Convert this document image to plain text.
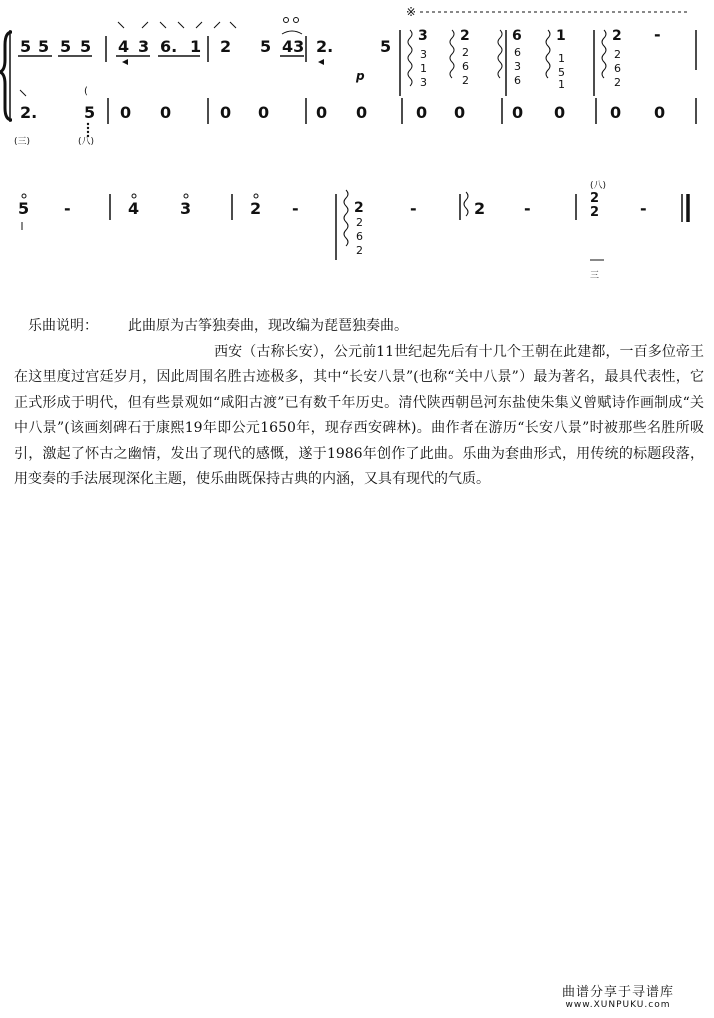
※
5 5 5 5 4 3 6. 1 2 5 43 2.	5
p
3
3
1
3
2
2
6
2
6
6
3
6
1
1
5
1
2
2
6
2
-
2.	5
(
(三)	(八)
0 0	0 0	0 0	0 0	0 0	0 0
5 -	4	3	2 -	2
2
6
2
-	2 -
(八)
2
2
三
-

乐曲说明： 此曲原为古筝独奏曲，现改编为琵琶独奏曲。

西安（古称长安），公元前11世纪起先后有十几个王朝在此建都，一百多位帝王在这里度过宫廷岁月，因此周围名胜古迹极多，其中“长安八景”(也称“关中八景”）最为著名，最具代表性，它正式形成于明代，但有些景观如“咸阳古渡”已有数千年历史。清代陕西朝邑河东盐使朱集义曾赋诗作画制成“关中八景”(该画刻碑石于康熙19年即公元1650年，现存西安碑林)。曲作者在游历“长安八景”时被那些名胜所吸引，激起了怀古之幽情，发出了现代的感慨，遂于1986年创作了此曲。乐曲为套曲形式，用传统的标题段落，用变奏的手法展现深化主题，使乐曲既保持古典的内涵，又具有现代的气质。

曲谱分享于寻谱库
www.XUNPUKU.com
